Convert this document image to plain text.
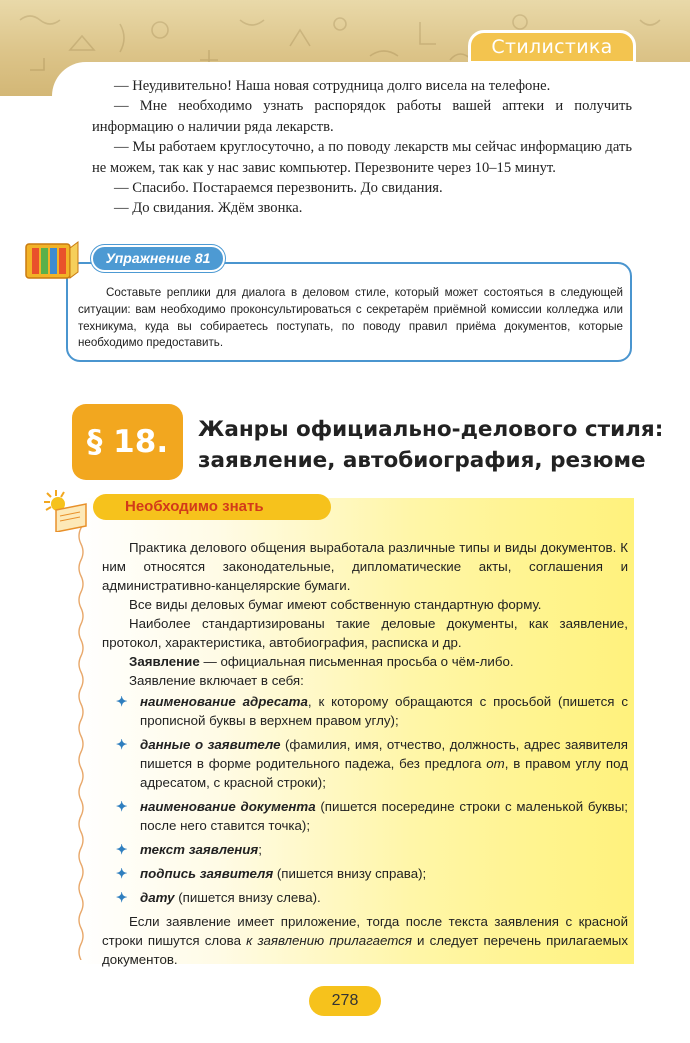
Стилистика

— Неудивительно! Наша новая сотрудница долго висела на телефоне.

— Мне необходимо узнать распорядок работы вашей аптеки и получить информацию о наличии ряда лекарств.

— Мы работаем круглосуточно, а по поводу лекарств мы сейчас информацию дать не можем, так как у нас завис компьютер. Перезвоните через 10–15 минут.

— Спасибо. Постараемся перезвонить. До свидания.

— До свидания. Ждём звонка.

Упражнение 81

Составьте реплики для диалога в деловом стиле, который может состояться в следующей ситуации: вам необходимо проконсультироваться с секретарём приёмной комиссии колледжа или техникума, куда вы собираетесь поступать, по поводу правил приёма документов, которые необходимо предоставить.

§ 18.	Жанры официально-делового стиля:
заявление, автобиография, резюме
Необходимо знать

Практика делового общения выработала различные типы и виды документов. К ним относятся законодательные, дипломатические акты, соглашения и административно-канцелярские бумаги.

Все виды деловых бумаг имеют собственную стандартную форму.

Наиболее стандартизированы такие деловые документы, как заявление, протокол, характеристика, автобиография, расписка и др.

Заявление — официальная письменная просьба о чём-либо.

Заявление включает в себя:

✦ наименование адресата, к которому обращаются с просьбой (пишется с прописной буквы в верхнем правом углу);
✦ данные о заявителе (фамилия, имя, отчество, должность, адрес заявителя пишется в форме родительного падежа, без предлога от, в правом углу под адресатом, с красной строки);
✦ наименование документа (пишется посередине строки с маленькой буквы; после него ставится точка);
✦ текст заявления;
✦ подпись заявителя (пишется внизу справа);
✦ дату (пишется внизу слева).

Если заявление имеет приложение, тогда после текста заявления с красной строки пишутся слова к заявлению прилагается и следует перечень прилагаемых документов.

278
